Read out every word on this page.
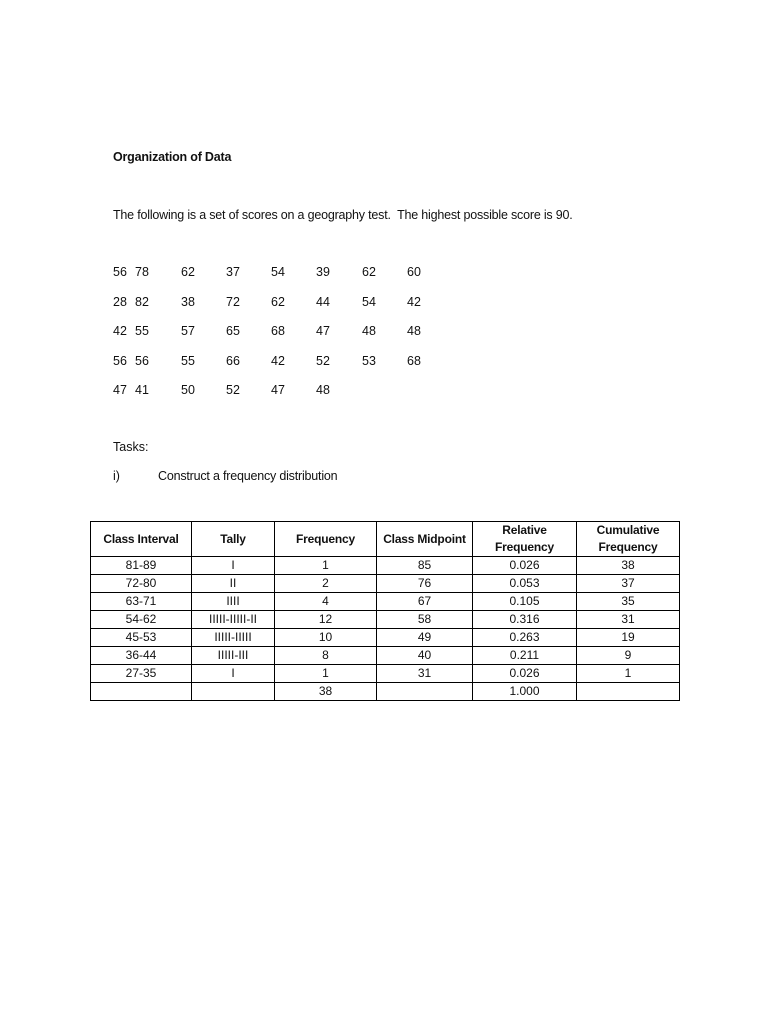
Organization of Data
The following is a set of scores on a geography test.  The highest possible score is 90.
56 78	62 37 54 39	62 60
28 82	38 72 62 44	54 42
42 55	57 65 68 47	48 48
56 56	55 66 42 52	53 68
47 41	50 52 47 48
Tasks:
i)	Construct a frequency distribution
Class Interval	Tally	Frequency	Class Midpoint	Relative Frequency	Cumulative Frequency
81-89	I	1	85	0.026	38
72-80	II	2	76	0.053	37
63-71	IIII	4	67	0.105	35
54-62	IIIII-IIIII-II	12	58	0.316	31
45-53	IIIII-IIIII	10	49	0.263	19
36-44	IIIII-III	8	40	0.211	9
27-35	I	1	31	0.026	1
		38		1.000	
